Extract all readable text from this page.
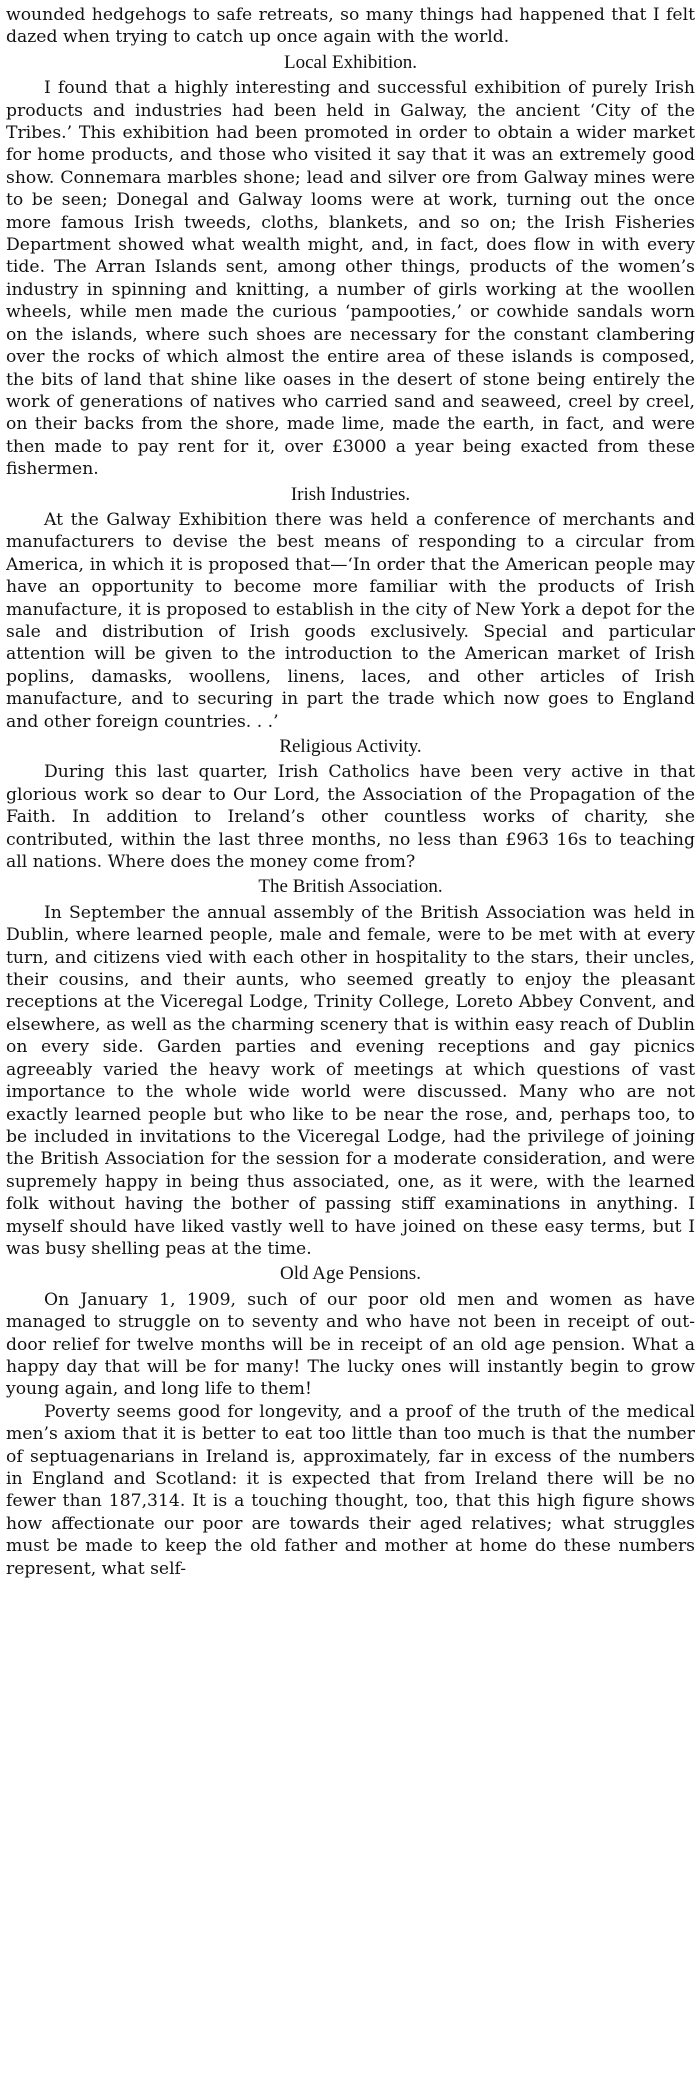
wounded hedgehogs to safe retreats, so many things had happened that I felt dazed when trying to catch up once again with the world.

Local Exhibition.

I found that a highly interesting and successful exhibition of purely Irish products and industries had been held in Galway, the ancient ‘City of the Tribes.’ This exhibition had been promoted in order to obtain a wider market for home products, and those who visited it say that it was an extremely good show. Connemara marbles shone; lead and silver ore from Galway mines were to be seen; Donegal and Galway looms were at work, turning out the once more famous Irish tweeds, cloths, blankets, and so on; the Irish Fisheries Department showed what wealth might, and, in fact, does flow in with every tide. The Arran Islands sent, among other things, products of the women’s industry in spinning and knitting, a number of girls working at the woollen wheels, while men made the curious ‘pampooties,’ or cowhide sandals worn on the islands, where such shoes are necessary for the constant clambering over the rocks of which almost the entire area of these islands is composed, the bits of land that shine like oases in the desert of stone being entirely the work of generations of natives who carried sand and seaweed, creel by creel, on their backs from the shore, made lime, made the earth, in fact, and were then made to pay rent for it, over £3000 a year being exacted from these fishermen.

Irish Industries.

At the Galway Exhibition there was held a conference of merchants and manufacturers to devise the best means of responding to a circular from America, in which it is proposed that—‘In order that the American people may have an opportunity to become more familiar with the products of Irish manufacture, it is proposed to establish in the city of New York a depot for the sale and distribution of Irish goods exclusively. Special and particular attention will be given to the introduction to the American market of Irish poplins, damasks, woollens, linens, laces, and other articles of Irish manufacture, and to securing in part the trade which now goes to England and other foreign countries. . .’

Religious Activity.

During this last quarter, Irish Catholics have been very active in that glorious work so dear to Our Lord, the Association of the Propagation of the Faith. In addition to Ireland’s other countless works of charity, she contributed, within the last three months, no less than £963 16s to teaching all nations. Where does the money come from?

The British Association.

In September the annual assembly of the British Association was held in Dublin, where learned people, male and female, were to be met with at every turn, and citizens vied with each other in hospitality to the stars, their uncles, their cousins, and their aunts, who seemed greatly to enjoy the pleasant receptions at the Viceregal Lodge, Trinity College, Loreto Abbey Convent, and elsewhere, as well as the charming scenery that is within easy reach of Dublin on every side. Garden parties and evening receptions and gay picnics agreeably varied the heavy work of meetings at which questions of vast importance to the whole wide world were discussed. Many who are not exactly learned people but who like to be near the rose, and, perhaps too, to be included in invitations to the Viceregal Lodge, had the privilege of joining the British Association for the session for a moderate consideration, and were supremely happy in being thus associated, one, as it were, with the learned folk without having the bother of passing stiff examinations in anything. I myself should have liked vastly well to have joined on these easy terms, but I was busy shelling peas at the time.

Old Age Pensions.

On January 1, 1909, such of our poor old men and women as have managed to struggle on to seventy and who have not been in receipt of out-door relief for twelve months will be in receipt of an old age pension. What a happy day that will be for many! The lucky ones will instantly begin to grow young again, and long life to them!

Poverty seems good for longevity, and a proof of the truth of the medical men’s axiom that it is better to eat too little than too much is that the number of septuagenarians in Ireland is, approximately, far in excess of the numbers in England and Scotland: it is expected that from Ireland there will be no fewer than 187,314. It is a touching thought, too, that this high figure shows how affectionate our poor are towards their aged relatives; what struggles must be made to keep the old father and mother at home do these numbers represent, what self-
